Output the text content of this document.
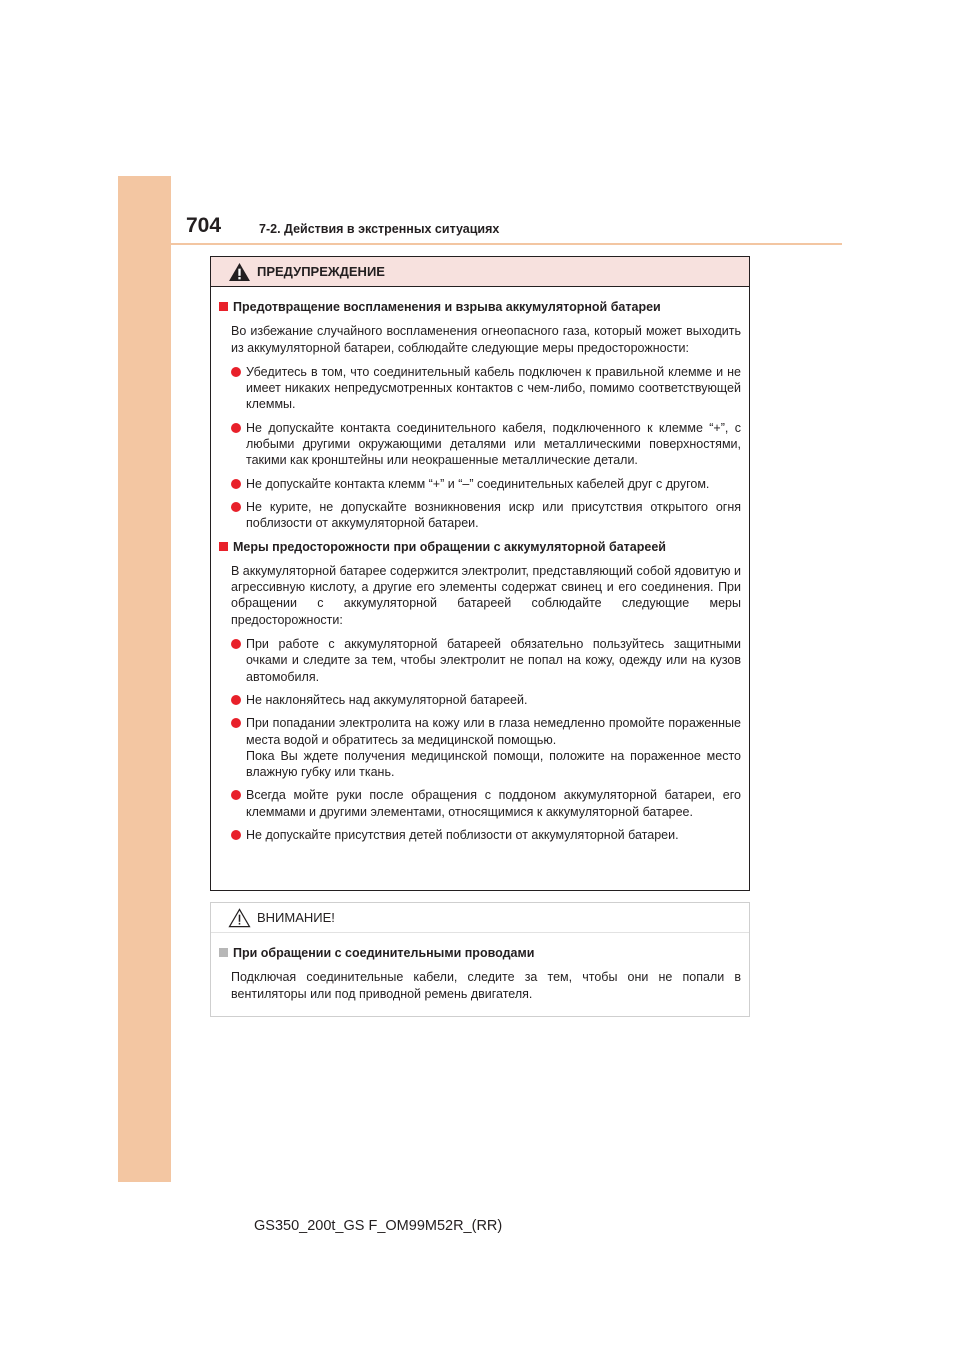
704	7-2. Действия в экстренных ситуациях
ПРЕДУПРЕЖДЕНИЕ
Предотвращение воспламенения и взрыва аккумуляторной батареи
Во избежание случайного воспламенения огнеопасного газа, который может выходить из аккумуляторной батареи, соблюдайте следующие меры предосторожности:
Убедитесь в том, что соединительный кабель подключен к правильной клемме и не имеет никаких непредусмотренных контактов с чем-либо, помимо соответствующей клеммы.
Не допускайте контакта соединительного кабеля, подключенного к клемме “+”, с любыми другими окружающими деталями или металлическими поверхностями, такими как кронштейны или неокрашенные металлические детали.
Не допускайте контакта клемм “+” и “–” соединительных кабелей друг с другом.
Не курите, не допускайте возникновения искр или присутствия открытого огня поблизости от аккумуляторной батареи.
Меры предосторожности при обращении с аккумуляторной батареей
В аккумуляторной батарее содержится электролит, представляющий собой ядовитую и агрессивную кислоту, а другие его элементы содержат свинец и его соединения. При обращении с аккумуляторной батареей соблюдайте следующие меры предосторожности:
При работе с аккумуляторной батареей обязательно пользуйтесь защитными очками и следите за тем, чтобы электролит не попал на кожу, одежду или на кузов автомобиля.
Не наклоняйтесь над аккумуляторной батареей.
При попадании электролита на кожу или в глаза немедленно промойте пораженные места водой и обратитесь за медицинской помощью.
Пока Вы ждете получения медицинской помощи, положите на пораженное место влажную губку или ткань.
Всегда мойте руки после обращения с поддоном аккумуляторной батареи, его клеммами и другими элементами, относящимися к аккумуляторной батарее.
Не допускайте присутствия детей поблизости от аккумуляторной батареи.
ВНИМАНИЕ!
При обращении с соединительными проводами
Подключая соединительные кабели, следите за тем, чтобы они не попали в вентиляторы или под приводной ремень двигателя.
GS350_200t_GS F_OM99M52R_(RR)
